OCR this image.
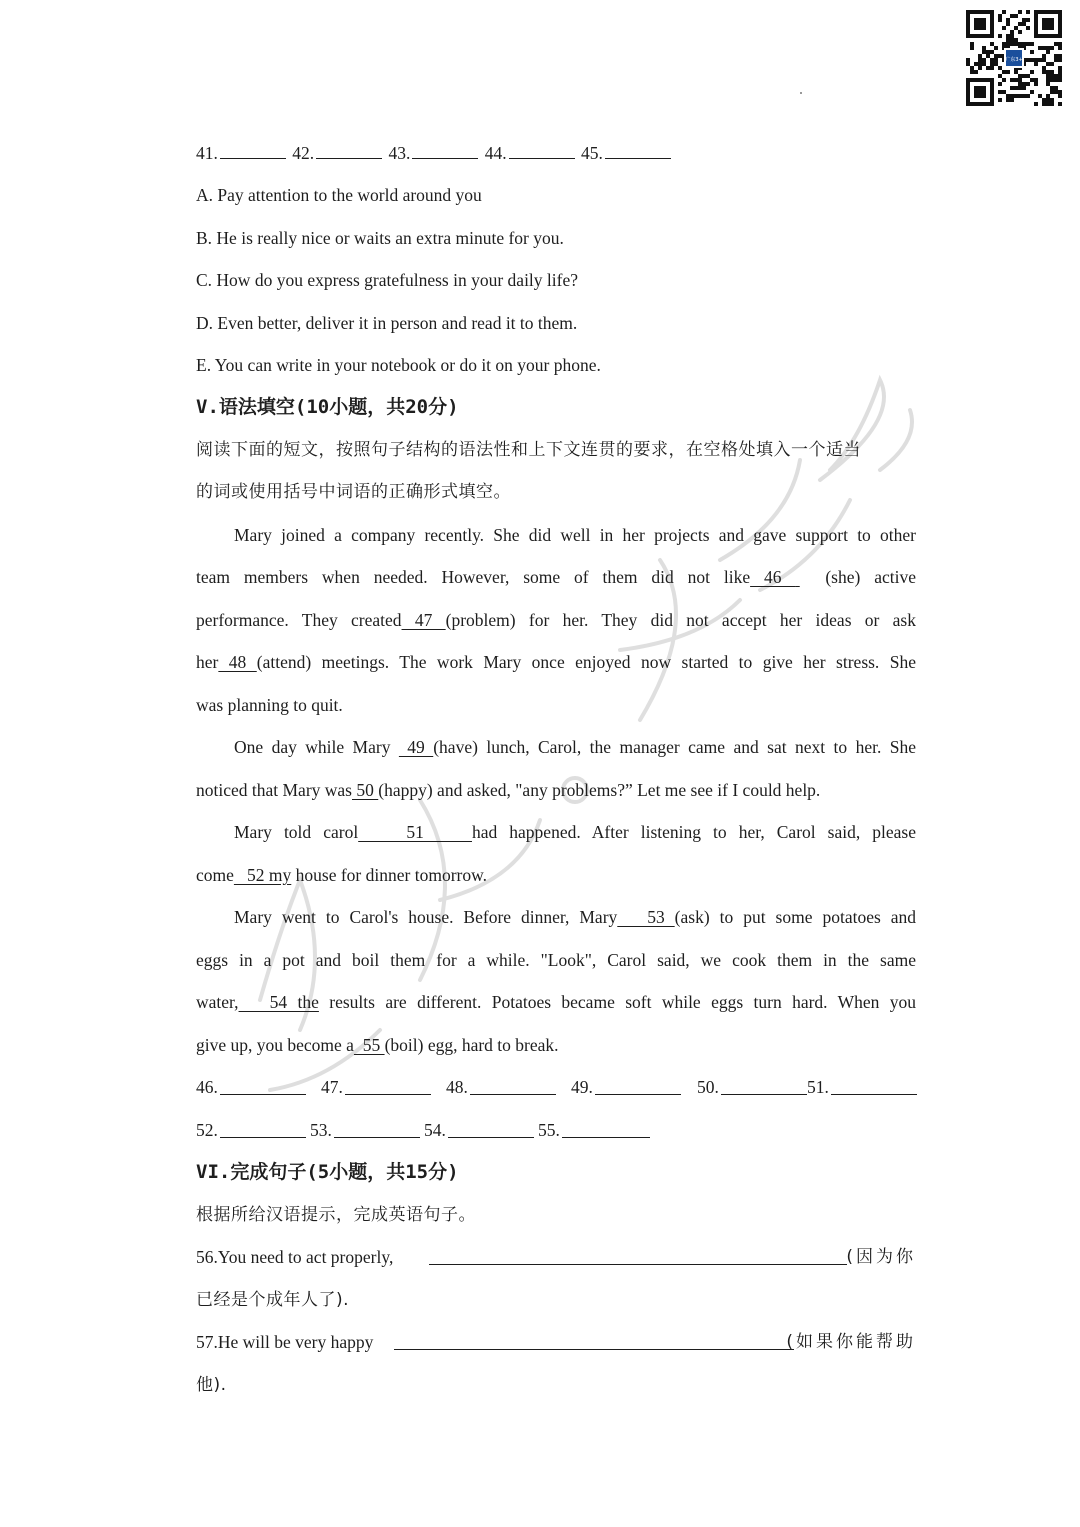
广东3+
41.	42.	43.	44.	45.
A. Pay attention to the world around you
B. He is really nice or waits an extra minute for you.
C. How do you express gratefulness in your daily life?
D. Even better, deliver it in person and read it to them.
E. You can write in your notebook or do it on your phone.
V.语法填空(10小题，共20分)
阅读下面的短文，按照句子结构的语法性和上下文连贯的要求，在空格处填入一个适当
的词或使用括号中词语的正确形式填空。
Mary joined a company recently. She did well in her projects and gave support to other
team members when needed. However, some of them did not like 46  (she) active
performance. They created 47 (problem) for her. They did not accept her ideas or ask
her 48 (attend) meetings. The work Mary once enjoyed now started to give her stress. She
was planning to quit.
One day while Mary  49 (have) lunch, Carol, the manager came and sat next to her. She
noticed that Mary was 50 (happy) and asked, "any problems?” Let me see if I could help.
Mary told carol    51    had happened. After listening to her, Carol said, please
come   52 my house for dinner tomorrow.
Mary went to Carol's house. Before dinner, Mary   53 (ask) to put some potatoes and
eggs in a pot and boil them for a while. "Look", Carol said, we cook them in the same
water,   54 the results are different. Potatoes became soft while eggs turn hard. When you
give up, you become a  55 (boil) egg, hard to break.
46.	47.	48.	49.	50.	51.
52.	53.	54.	55.
VI.完成句子(5小题，共15分)
根据所给汉语提示，完成英语句子。
56.You need to act properly,	(因为你
已经是个成年人了).
57.He will be very happy	(如果你能帮助
他).
